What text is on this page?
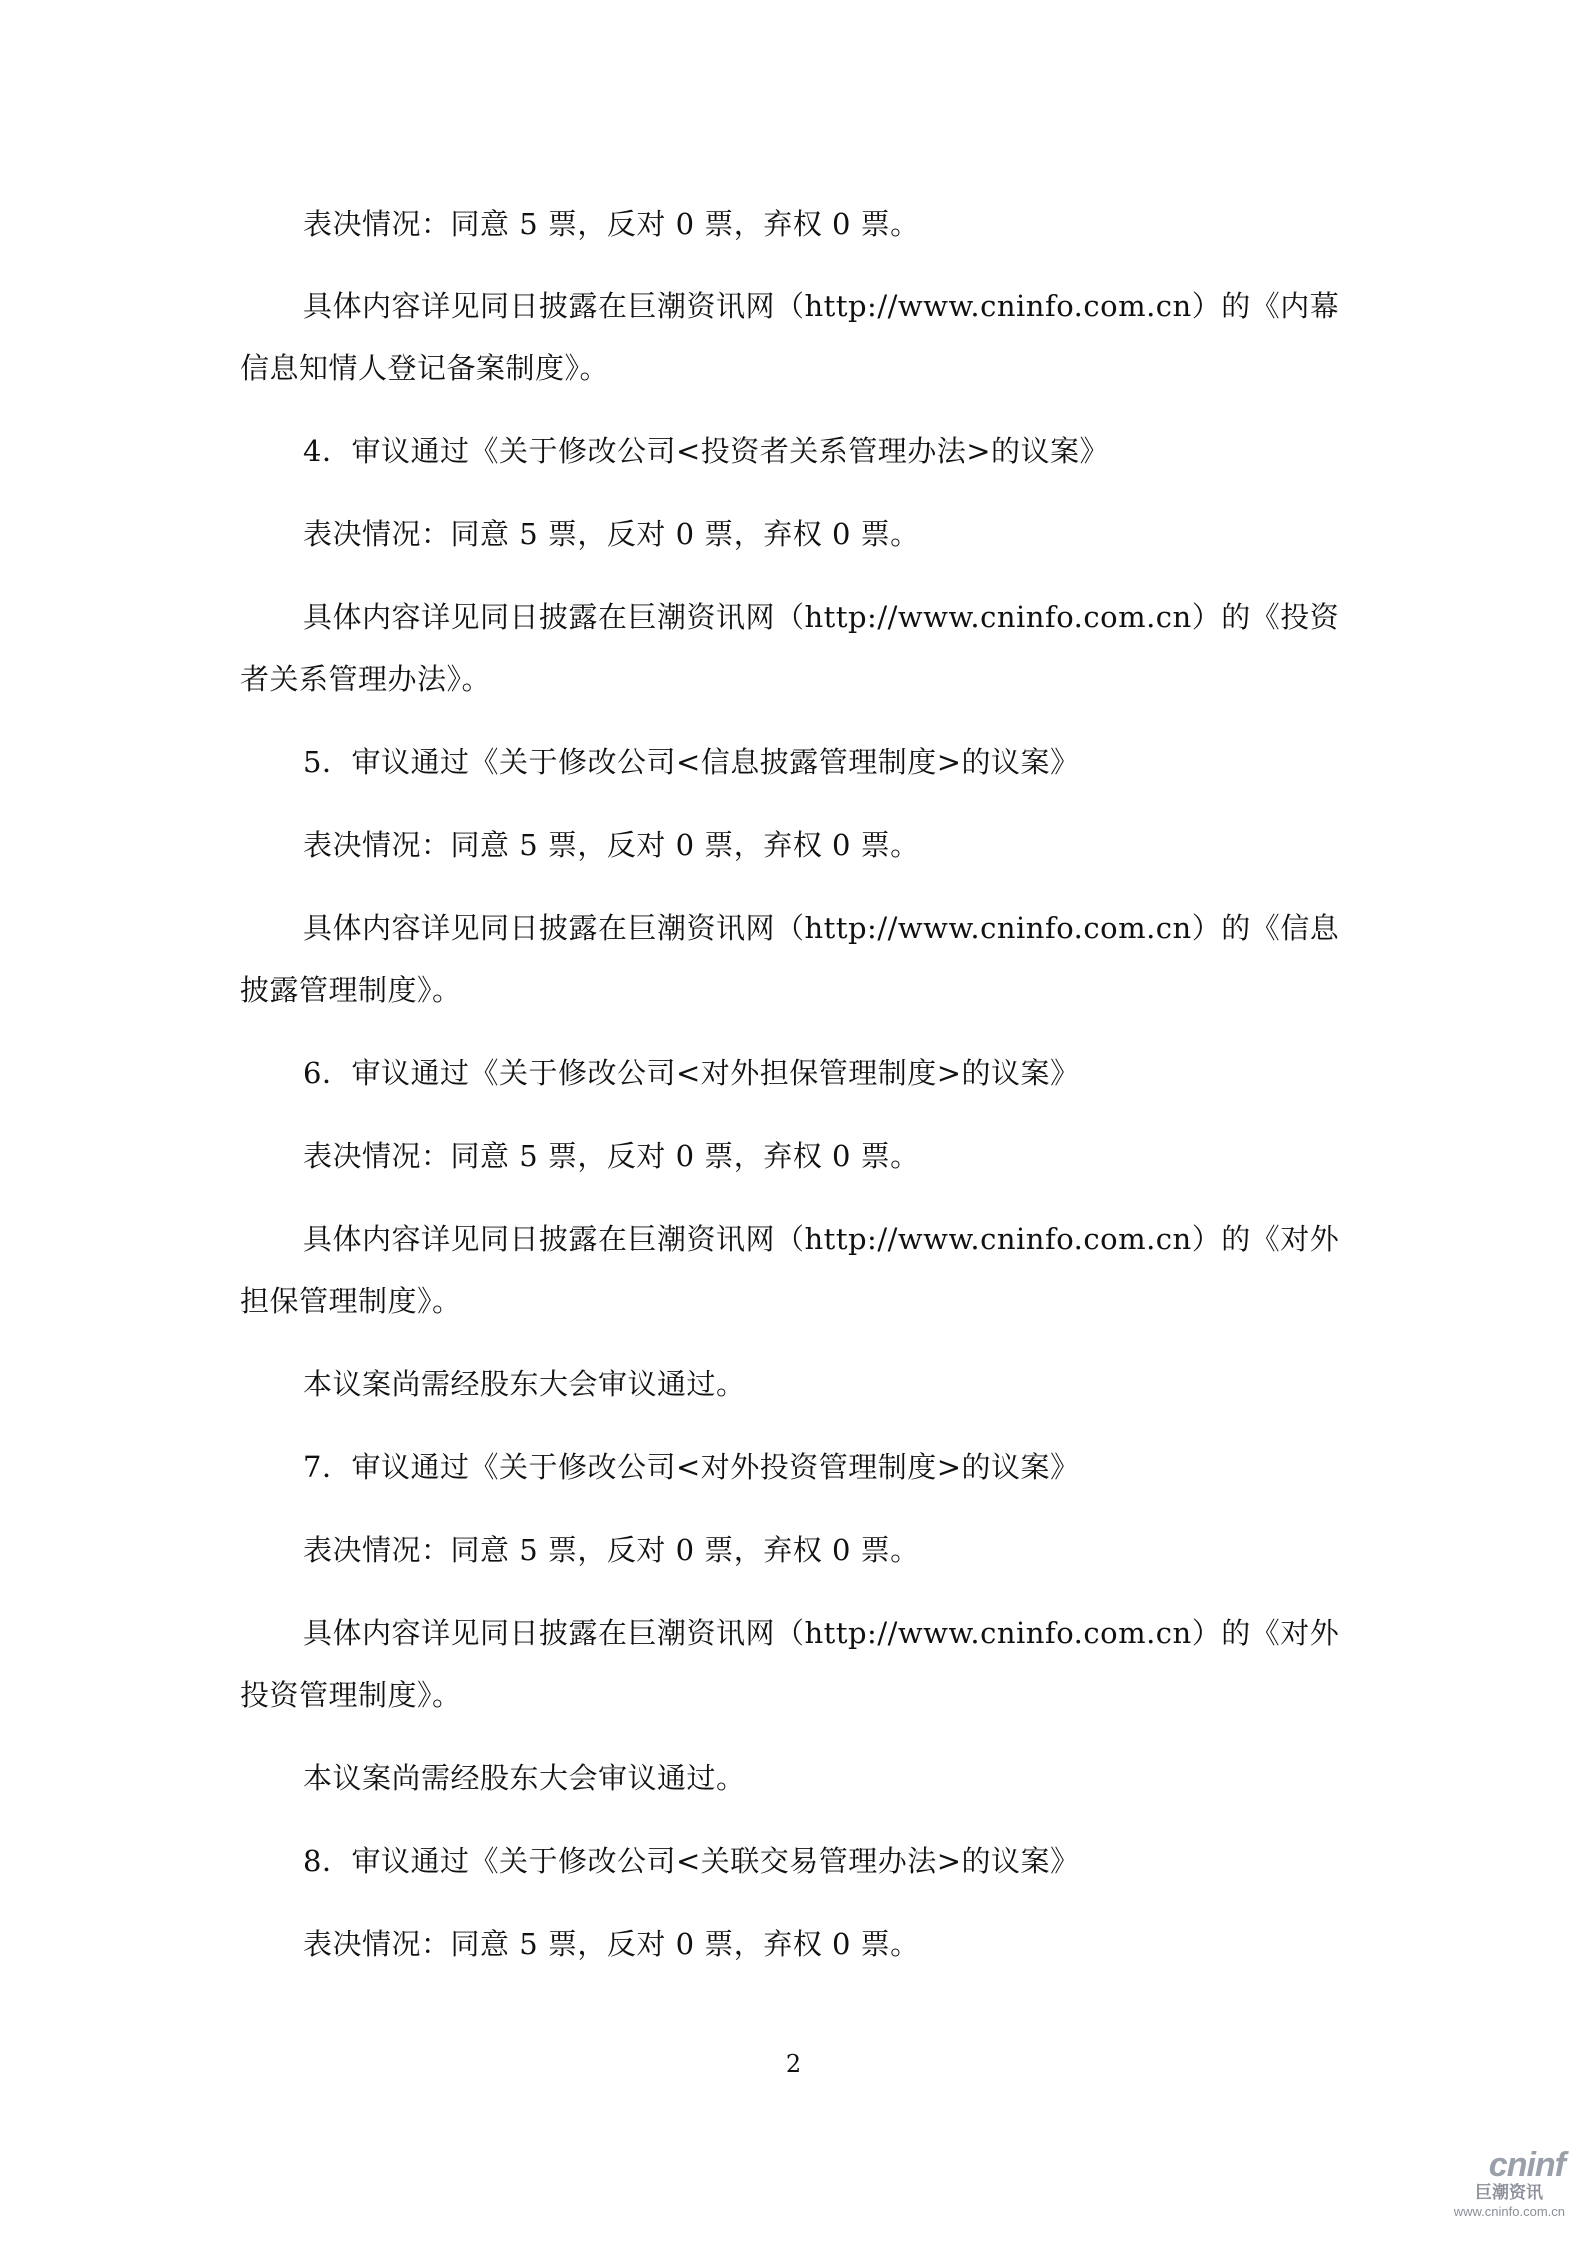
表决情况：同意 5 票，反对 0 票，弃权 0 票。
具体内容详见同日披露在巨潮资讯网（http://www.cninfo.com.cn）的《内幕信息知情人登记备案制度》。
4．审议通过《关于修改公司<投资者关系管理办法>的议案》
表决情况：同意 5 票，反对 0 票，弃权 0 票。
具体内容详见同日披露在巨潮资讯网（http://www.cninfo.com.cn）的《投资者关系管理办法》。
5．审议通过《关于修改公司<信息披露管理制度>的议案》
表决情况：同意 5 票，反对 0 票，弃权 0 票。
具体内容详见同日披露在巨潮资讯网（http://www.cninfo.com.cn）的《信息披露管理制度》。
6．审议通过《关于修改公司<对外担保管理制度>的议案》
表决情况：同意 5 票，反对 0 票，弃权 0 票。
具体内容详见同日披露在巨潮资讯网（http://www.cninfo.com.cn）的《对外担保管理制度》。
本议案尚需经股东大会审议通过。
7．审议通过《关于修改公司<对外投资管理制度>的议案》
表决情况：同意 5 票，反对 0 票，弃权 0 票。
具体内容详见同日披露在巨潮资讯网（http://www.cninfo.com.cn）的《对外投资管理制度》。
本议案尚需经股东大会审议通过。
8．审议通过《关于修改公司<关联交易管理办法>的议案》
表决情况：同意 5 票，反对 0 票，弃权 0 票。
2
cninf
巨潮资讯
www.cninfo.com.cn
